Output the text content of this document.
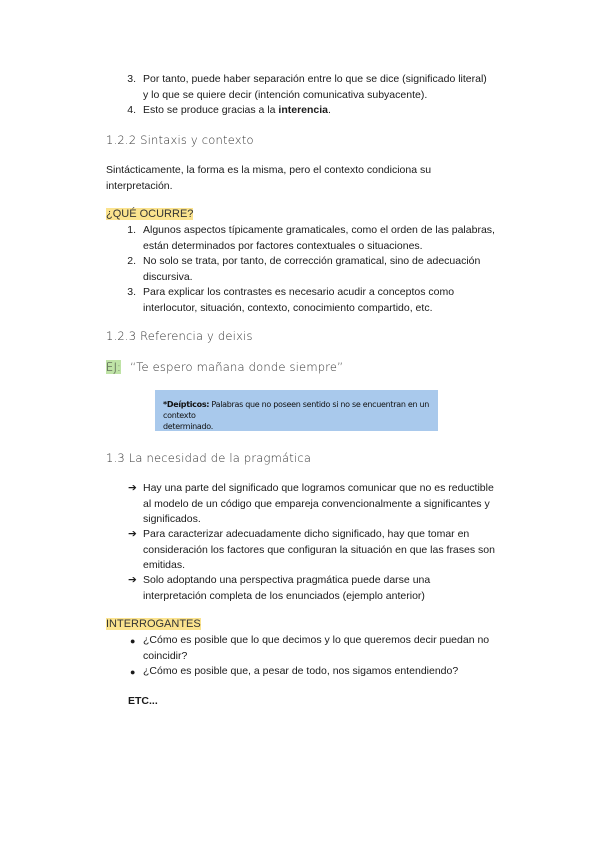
3. Por tanto, puede haber separación entre lo que se dice (significado literal)
y lo que se quiere decir (intención comunicativa subyacente).
4. Esto se produce gracias a la interencia.
1.2.2 Sintaxis y contexto
Sintácticamente, la forma es la misma, pero el contexto condiciona su
interpretación.
¿QUÉ OCURRE?
1. Algunos aspectos típicamente gramaticales, como el orden de las palabras,
están determinados por factores contextuales o situaciones.
2. No solo se trata, por tanto, de corrección gramatical, sino de adecuación
discursiva.
3. Para explicar los contrastes es necesario acudir a conceptos como
interlocutor, situación, contexto, conocimiento compartido, etc.
1.2.3 Referencia y deixis
EJ: “Te espero mañana donde siempre”
*Deípticos: Palabras que no poseen sentido si no se encuentran en un contexto
determinado.
1.3 La necesidad de la pragmática
➔ Hay una parte del significado que logramos comunicar que no es reductible
al modelo de un código que empareja convencionalmente a significantes y
significados.
➔ Para caracterizar adecuadamente dicho significado, hay que tomar en
consideración los factores que configuran la situación en que las frases son
emitidas.
➔ Solo adoptando una perspectiva pragmática puede darse una
interpretación completa de los enunciados (ejemplo anterior)
INTERROGANTES
● ¿Cómo es posible que lo que decimos y lo que queremos decir puedan no
coincidir?
● ¿Cómo es posible que, a pesar de todo, nos sigamos entendiendo?
ETC...
